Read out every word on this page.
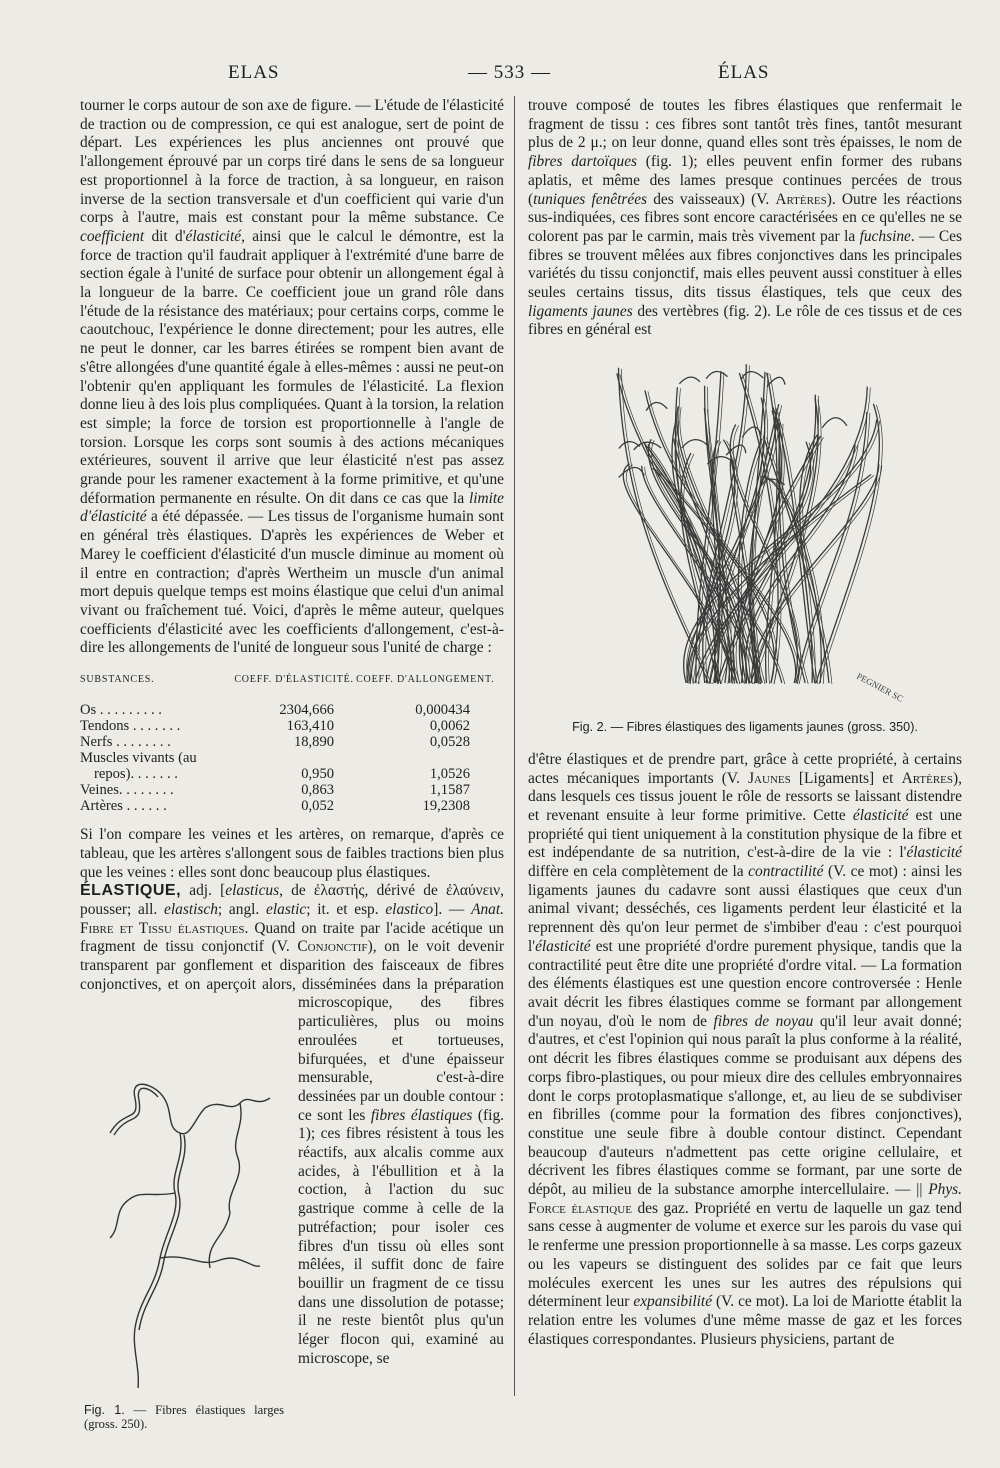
ELAS	— 533 —	ÉLAS

tourner le corps autour de son axe de figure. — L'étude de l'élasticité de traction ou de compression, ce qui est analogue, sert de point de départ. Les expériences les plus anciennes ont prouvé que l'allongement éprouvé par un corps tiré dans le sens de sa longueur est proportionnel à la force de traction, à sa longueur, en raison inverse de la section transversale et d'un coefficient qui varie d'un corps à l'autre, mais est constant pour la même substance. Ce coefficient dit d'élasticité, ainsi que le calcul le démontre, est la force de traction qu'il faudrait appliquer à l'extrémité d'une barre de section égale à l'unité de surface pour obtenir un allongement égal à la longueur de la barre. Ce coefficient joue un grand rôle dans l'étude de la résistance des matériaux; pour certains corps, comme le caoutchouc, l'expérience le donne directement; pour les autres, elle ne peut le donner, car les barres étirées se rompent bien avant de s'être allongées d'une quantité égale à elles-mêmes : aussi ne peut-on l'obtenir qu'en appliquant les formules de l'élasticité. La flexion donne lieu à des lois plus compliquées. Quant à la torsion, la relation est simple; la force de torsion est proportionnelle à l'angle de torsion. Lorsque les corps sont soumis à des actions mécaniques extérieures, souvent il arrive que leur élasticité n'est pas assez grande pour les ramener exactement à la forme primitive, et qu'une déformation permanente en résulte. On dit dans ce cas que la limite d'élasticité a été dépassée. — Les tissus de l'organisme humain sont en général très élastiques. D'après les expériences de Weber et Marey le coefficient d'élasticité d'un muscle diminue au moment où il entre en contraction; d'après Wertheim un muscle d'un animal mort depuis quelque temps est moins élastique que celui d'un animal vivant ou fraîchement tué. Voici, d'après le même auteur, quelques coefficients d'élasticité avec les coefficients d'allongement, c'est-à-dire les allongements de l'unité de longueur sous l'unité de charge :

SUBSTANCES.	COEFF. D'ÉLASTICITÉ.	COEFF. D'ALLONGEMENT.
Os . . . . . . . . .	2304,666	0,000434
Tendons . . . . . . .	163,410	0,0062
Nerfs . . . . . . . .	18,890	0,0528
Muscles vivants (au		
repos). . . . . . .	0,950	1,0526
Veines. . . . . . . .	0,863	1,1587
Artères . . . . . .	0,052	19,2308

Si l'on compare les veines et les artères, on remarque, d'après ce tableau, que les artères s'allongent sous de faibles tractions bien plus que les veines : elles sont donc beaucoup plus élastiques.

ÉLASTIQUE, adj. [elasticus, de ἐλαστής, dérivé de ἐλαύνειν, pousser; all. elastisch; angl. elastic; it. et esp. elastico]. — Anat. Fibre et Tissu élastiques. Quand on traite par l'acide acétique un fragment de tissu conjonctif (V. Conjonctif), on le voit devenir transparent par gonflement et disparition des faisceaux de fibres conjonctives, et on aperçoit alors, disséminées dans la préparation microscopique,
Fig. 1. — Fibres élastiques larges (gross. 250).
des fibres particulières, plus ou moins enroulées et tortueuses, bifurquées, et d'une épaisseur mensurable, c'est-à-dire dessinées par un double contour : ce sont les fibres élastiques (fig. 1); ces fibres résistent à tous les réactifs, aux alcalis comme aux acides, à l'ébullition et à la coction, à l'action du suc gastrique comme à celle de la putréfaction; pour isoler ces fibres d'un tissu où elles sont mêlées, il suffit donc de faire bouillir un fragment de ce tissu dans une dissolution de potasse; il ne reste bientôt plus qu'un léger flocon qui, examiné au microscope, se

trouve composé de toutes les fibres élastiques que renfermait le fragment de tissu : ces fibres sont tantôt très fines, tantôt mesurant plus de 2 μ.; on leur donne, quand elles sont très épaisses, le nom de fibres dartoïques (fig. 1); elles peuvent enfin former des rubans aplatis, et même des lames presque continues percées de trous (tuniques fenêtrées des vaisseaux) (V. Artères). Outre les réactions sus-indiquées, ces fibres sont encore caractérisées en ce qu'elles ne se colorent pas par le carmin, mais très vivement par la fuchsine. — Ces fibres se trouvent mêlées aux fibres conjonctives dans les principales variétés du tissu conjonctif, mais elles peuvent aussi constituer à elles seules certains tissus, dits tissus élastiques, tels que ceux des ligaments jaunes des vertèbres (fig. 2). Le rôle de ces tissus et de ces fibres en général est

PEGNIER SC

Fig. 2. — Fibres élastiques des ligaments jaunes (gross. 350).

d'être élastiques et de prendre part, grâce à cette propriété, à certains actes mécaniques importants (V. Jaunes [Ligaments] et Artères), dans lesquels ces tissus jouent le rôle de ressorts se laissant distendre et revenant ensuite à leur forme primitive. Cette élasticité est une propriété qui tient uniquement à la constitution physique de la fibre et est indépendante de sa nutrition, c'est-à-dire de la vie : l'élasticité diffère en cela complètement de la contractilité (V. ce mot) : ainsi les ligaments jaunes du cadavre sont aussi élastiques que ceux d'un animal vivant; desséchés, ces ligaments perdent leur élasticité et la reprennent dès qu'on leur permet de s'imbiber d'eau : c'est pourquoi l'élasticité est une propriété d'ordre purement physique, tandis que la contractilité peut être dite une propriété d'ordre vital. — La formation des éléments élastiques est une question encore controversée : Henle avait décrit les fibres élastiques comme se formant par allongement d'un noyau, d'où le nom de fibres de noyau qu'il leur avait donné; d'autres, et c'est l'opinion qui nous paraît la plus conforme à la réalité, ont décrit les fibres élastiques comme se produisant aux dépens des corps fibro-plastiques, ou pour mieux dire des cellules embryonnaires dont le corps protoplasmatique s'allonge, et, au lieu de se subdiviser en fibrilles (comme pour la formation des fibres conjonctives), constitue une seule fibre à double contour distinct. Cependant beaucoup d'auteurs n'admettent pas cette origine cellulaire, et décrivent les fibres élastiques comme se formant, par une sorte de dépôt, au milieu de la substance amorphe intercellulaire. — || Phys. Force élastique des gaz. Propriété en vertu de laquelle un gaz tend sans cesse à augmenter de volume et exerce sur les parois du vase qui le renferme une pression proportionnelle à sa masse. Les corps gazeux ou les vapeurs se distinguent des solides par ce fait que leurs molécules exercent les unes sur les autres des répulsions qui déterminent leur expansibilité (V. ce mot). La loi de Mariotte établit la relation entre les volumes d'une même masse de gaz et les forces élastiques correspondantes. Plusieurs physiciens, partant de
